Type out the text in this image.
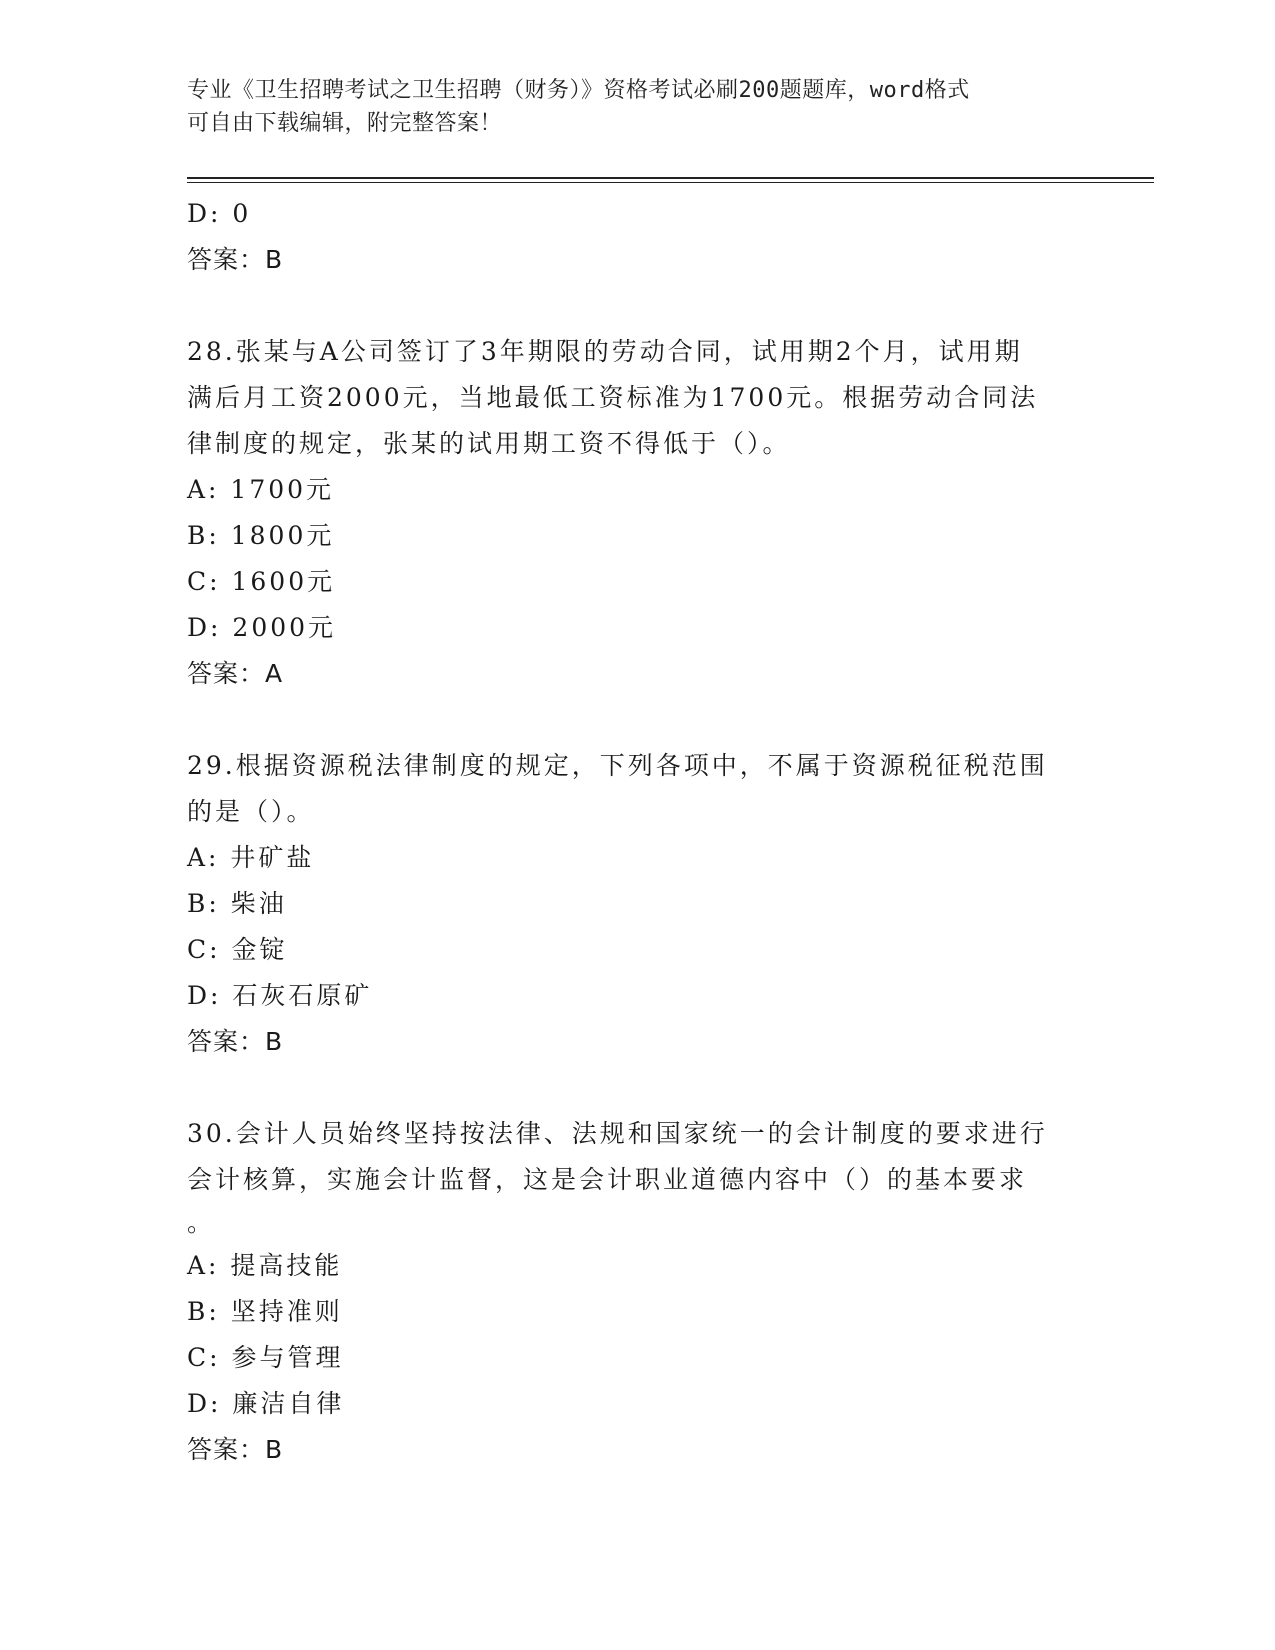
专业《卫生招聘考试之卫生招聘（财务）》资格考试必刷200题题库，word格式
可自由下载编辑，附完整答案！
D: 0
答案：B
28.张某与A公司签订了3年期限的劳动合同，试用期2个月，试用期
满后月工资2000元，当地最低工资标准为1700元。根据劳动合同法
律制度的规定，张某的试用期工资不得低于（）。
A: 1700元
B: 1800元
C: 1600元
D: 2000元
答案：A
29.根据资源税法律制度的规定，下列各项中，不属于资源税征税范围
的是（）。
A: 井矿盐
B: 柴油
C: 金锭
D: 石灰石原矿
答案：B
30.会计人员始终坚持按法律、法规和国家统一的会计制度的要求进行
会计核算，实施会计监督，这是会计职业道德内容中（）的基本要求
。
A: 提高技能
B: 坚持准则
C: 参与管理
D: 廉洁自律
答案：B
